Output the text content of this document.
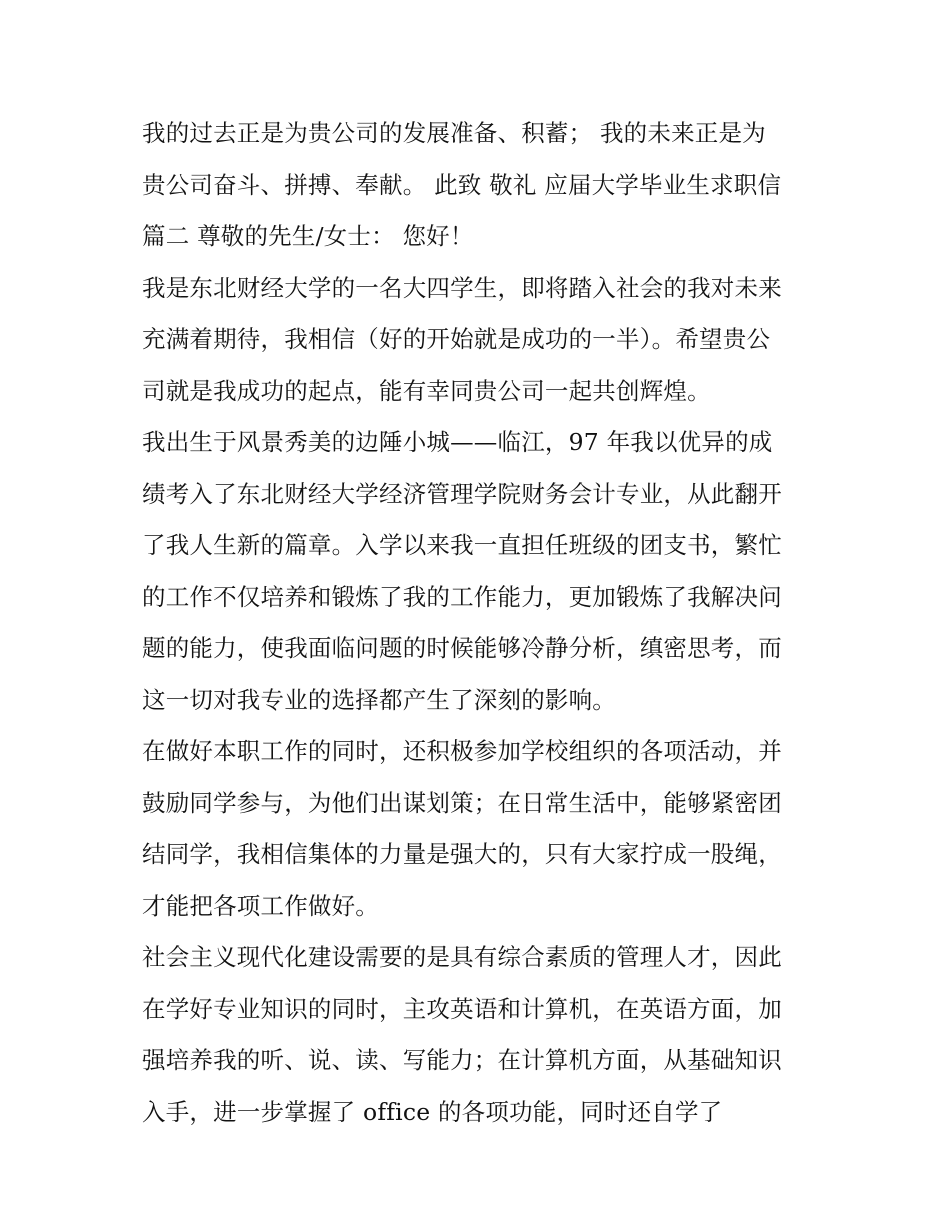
我的过去正是为贵公司的发展准备、积蓄； 我的未来正是为
贵公司奋斗、拼搏、奉献。 此致 敬礼 应届大学毕业生求职信
篇二 尊敬的先生/女士： 您好！
我是东北财经大学的一名大四学生，即将踏入社会的我对未来
充满着期待，我相信（好的开始就是成功的一半）。希望贵公
司就是我成功的起点，能有幸同贵公司一起共创辉煌。
我出生于风景秀美的边陲小城——临江，97 年我以优异的成
绩考入了东北财经大学经济管理学院财务会计专业，从此翻开
了我人生新的篇章。入学以来我一直担任班级的团支书，繁忙
的工作不仅培养和锻炼了我的工作能力，更加锻炼了我解决问
题的能力，使我面临问题的时候能够冷静分析，缜密思考，而
这一切对我专业的选择都产生了深刻的影响。
在做好本职工作的同时，还积极参加学校组织的各项活动，并
鼓励同学参与，为他们出谋划策；在日常生活中，能够紧密团
结同学，我相信集体的力量是强大的，只有大家拧成一股绳，
才能把各项工作做好。
社会主义现代化建设需要的是具有综合素质的管理人才，因此
在学好专业知识的同时，主攻英语和计算机，在英语方面，加
强培养我的听、说、读、写能力；在计算机方面，从基础知识
入手，进一步掌握了 office 的各项功能，同时还自学了
